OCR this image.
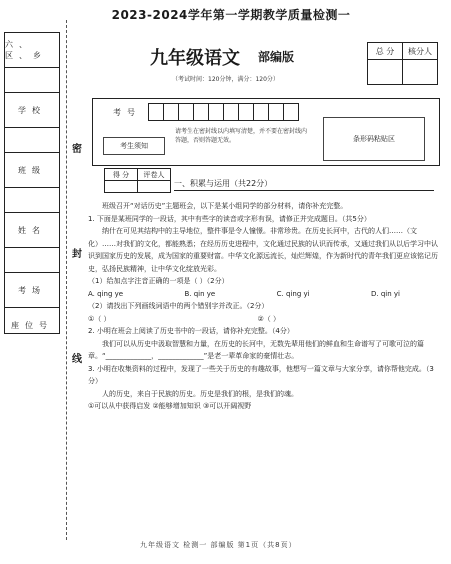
2023-2024学年第一学期教学质量检测一
九年级语文 部编版
（考试时间：120分钟，满分：120分）
总 分	核分人

六、区、乡
学校
班级
姓名
考场
座位号
密
封
线
考号
考生须知
请考生在密封线以内填写清楚，并不要在密封线内答题，否则答题无效。	条形码粘贴区
得 分	评卷人

一、积累与运用（共22分）

班级召开“对话历史”主题班会，以下是某小组同学的部分材料，请你补充完整。

1. 下面是某班同学的一段话，其中有些字的读音或字形有误，请修正并完成题目。（共5分）

纳什在可见其结构中的主导地位，整件事是令人憧憬。非常珍贵。在历史长河中，古代的人们……（文化）……对我们的文化，都能熟悉；在经历历史进程中，文化通过民族的认识而传承，又通过我们从以后学习中认识到国家历史的发展，成为国家的重要财富。中华文化源远流长，灿烂辉煌，作为新时代的青年我们更应该铭记历史，弘扬民族精神，让中华文化绽放光彩。

（1）给加点字注音正确的一项是（ ）（2分）

A. qing ye	B. qin ye	C. qing yi	D. qin yi

（2）请找出下列画线词语中的两个错别字并改正。（2分）

①（ ）	②（ ）

2. 小明在班会上阅读了历史书中的一段话，请你补充完整。（4分）

我们可以从历史中汲取智慧和力量，在历史的长河中，无数先辈用他们的鲜血和生命谱写了可歌可泣的篇章。“_____________，_____________”是老一辈革命家的豪情壮志。

3. 小明在收集资料的过程中，发现了一些关于历史的有趣故事，他想写一篇文章与大家分享，请你帮他完成。（3分）

人的历史，来自于民族的历史。历史是我们的根，是我们的魂。

①可以从中获得启发 ②能够增加知识 ③可以开阔视野

九年级语文 检测一 部编版 第1页（共8页）
